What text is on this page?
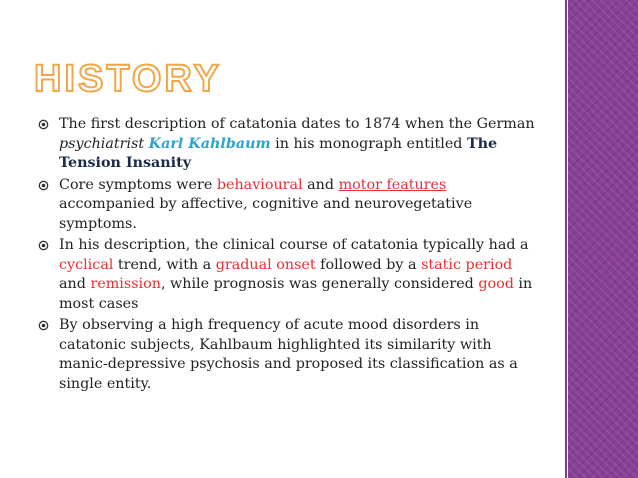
HISTORY
The first description of catatonia dates to 1874 when the German psychiatrist Karl Kahlbaum in his monograph entitled The Tension Insanity
Core symptoms were behavioural and motor features accompanied by affective, cognitive and neurovegetative symptoms.
In his description, the clinical course of catatonia typically had a cyclical trend, with a gradual onset followed by a static period and remission, while prognosis was generally considered good in most cases
By observing a high frequency of acute mood disorders in catatonic subjects, Kahlbaum highlighted its similarity with manic-depressive psychosis and proposed its classification as a single entity.
